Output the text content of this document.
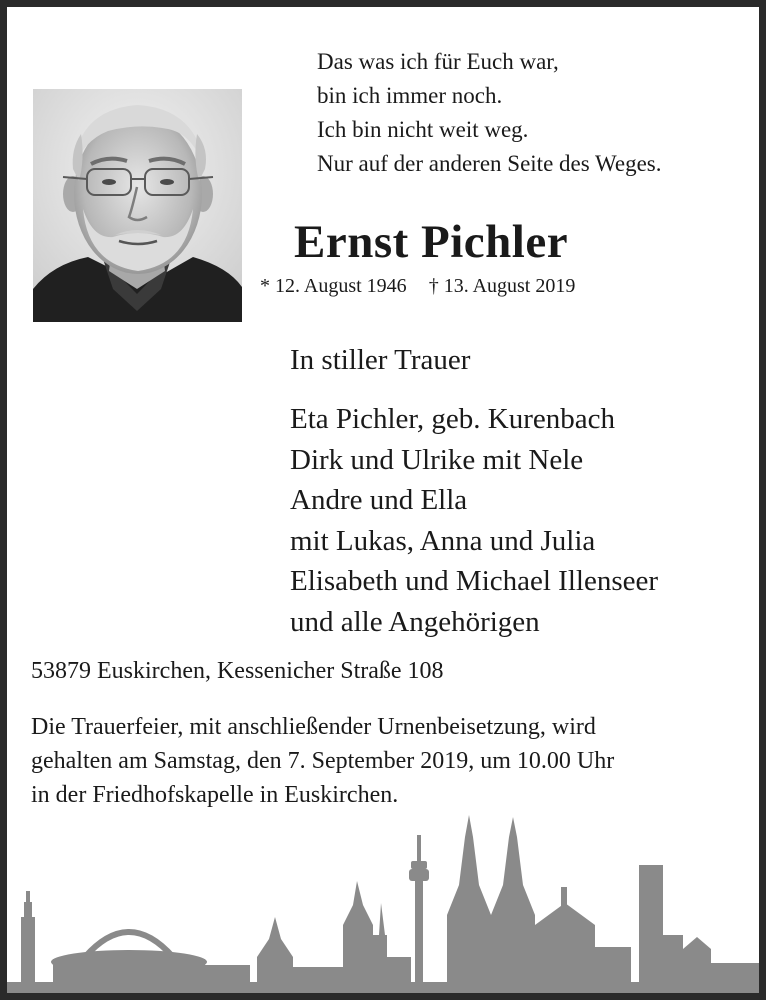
Das was ich für Euch war,
bin ich immer noch.
Ich bin nicht weit weg.
Nur auf der anderen Seite des Weges.
Ernst Pichler
* 12. August 1946 † 13. August 2019
In stiller Trauer
Eta Pichler, geb. Kurenbach
Dirk und Ulrike mit Nele
Andre und Ella
mit Lukas, Anna und Julia
Elisabeth und Michael Illenseer
und alle Angehörigen
53879 Euskirchen, Kessenicher Straße 108
Die Trauerfeier, mit anschließender Urnenbeisetzung, wird
gehalten am Samstag, den 7. September 2019, um 10.00 Uhr
in der Friedhofskapelle in Euskirchen.
